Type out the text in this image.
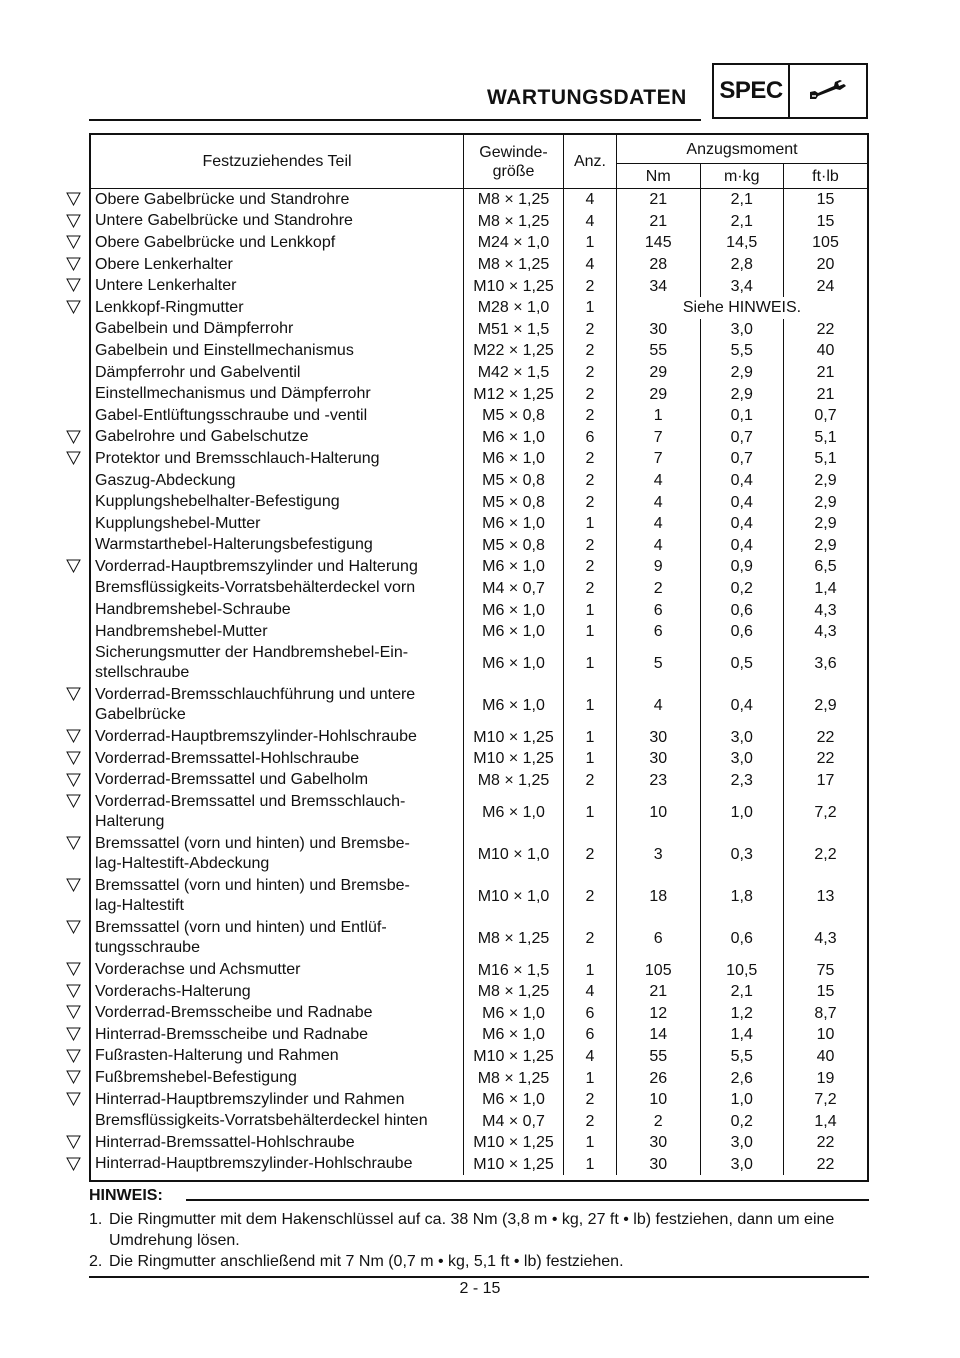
WARTUNGSDATEN	SPEC
Festzuziehendes Teil	Gewinde-
größe	Anz.	Anzugsmoment		
			Nm	m·kg	ft·lb
Obere Gabelbrücke und Standrohre	M8 × 1,25	4	21	2,1	15
Untere Gabelbrücke und Standrohre	M8 × 1,25	4	21	2,1	15
Obere Gabelbrücke und Lenkkopf	M24 × 1,0	1	145	14,5	105
Obere Lenkerhalter	M8 × 1,25	4	28	2,8	20
Untere Lenkerhalter	M10 × 1,25	2	34	3,4	24
Lenkkopf-Ringmutter	M28 × 1,0	1	Siehe HINWEIS.		
Gabelbein und Dämpferrohr	M51 × 1,5	2	30	3,0	22
Gabelbein und Einstellmechanismus	M22 × 1,25	2	55	5,5	40
Dämpferrohr und Gabelventil	M42 × 1,5	2	29	2,9	21
Einstellmechanismus und Dämpferrohr	M12 × 1,25	2	29	2,9	21
Gabel-Entlüftungsschraube und -ventil	M5 × 0,8	2	1	0,1	0,7
Gabelrohre und Gabelschutze	M6 × 1,0	6	7	0,7	5,1
Protektor und Bremsschlauch-Halterung	M6 × 1,0	2	7	0,7	5,1
Gaszug-Abdeckung	M5 × 0,8	2	4	0,4	2,9
Kupplungshebelhalter-Befestigung	M5 × 0,8	2	4	0,4	2,9
Kupplungshebel-Mutter	M6 × 1,0	1	4	0,4	2,9
Warmstarthebel-Halterungsbefestigung	M5 × 0,8	2	4	0,4	2,9
Vorderrad-Hauptbremszylinder und Halterung	M6 × 1,0	2	9	0,9	6,5
Bremsflüssigkeits-Vorratsbehälterdeckel vorn	M4 × 0,7	2	2	0,2	1,4
Handbremshebel-Schraube	M6 × 1,0	1	6	0,6	4,3
Handbremshebel-Mutter	M6 × 1,0	1	6	0,6	4,3
Sicherungsmutter der Handbremshebel-Ein-
stellschraube	M6 × 1,0	1	5	0,5	3,6
Vorderrad-Bremsschlauchführung und untere
Gabelbrücke	M6 × 1,0	1	4	0,4	2,9
Vorderrad-Hauptbremszylinder-Hohlschraube	M10 × 1,25	1	30	3,0	22
Vorderrad-Bremssattel-Hohlschraube	M10 × 1,25	1	30	3,0	22
Vorderrad-Bremssattel und Gabelholm	M8 × 1,25	2	23	2,3	17
Vorderrad-Bremssattel und Bremsschlauch-
Halterung	M6 × 1,0	1	10	1,0	7,2
Bremssattel (vorn und hinten) und Bremsbe-
lag-Haltestift-Abdeckung	M10 × 1,0	2	3	0,3	2,2
Bremssattel (vorn und hinten) und Bremsbe-
lag-Haltestift	M10 × 1,0	2	18	1,8	13
Bremssattel (vorn und hinten) und Entlüf-
tungsschraube	M8 × 1,25	2	6	0,6	4,3
Vorderachse und Achsmutter	M16 × 1,5	1	105	10,5	75
Vorderachs-Halterung	M8 × 1,25	4	21	2,1	15
Vorderrad-Bremsscheibe und Radnabe	M6 × 1,0	6	12	1,2	8,7
Hinterrad-Bremsscheibe und Radnabe	M6 × 1,0	6	14	1,4	10
Fußrasten-Halterung und Rahmen	M10 × 1,25	4	55	5,5	40
Fußbremshebel-Befestigung	M8 × 1,25	1	26	2,6	19
Hinterrad-Hauptbremszylinder und Rahmen	M6 × 1,0	2	10	1,0	7,2
Bremsflüssigkeits-Vorratsbehälterdeckel hinten	M4 × 0,7	2	2	0,2	1,4
Hinterrad-Bremssattel-Hohlschraube	M10 × 1,25	1	30	3,0	22
Hinterrad-Hauptbremszylinder-Hohlschraube	M10 × 1,25	1	30	3,0	22
HINWEIS:
1. Die Ringmutter mit dem Hakenschlüssel auf ca. 38 Nm (3,8 m • kg, 27 ft • lb) festziehen, dann um eine Umdrehung lösen.
2. Die Ringmutter anschließend mit 7 Nm (0,7 m • kg, 5,1 ft • lb) festziehen.
2 - 15
